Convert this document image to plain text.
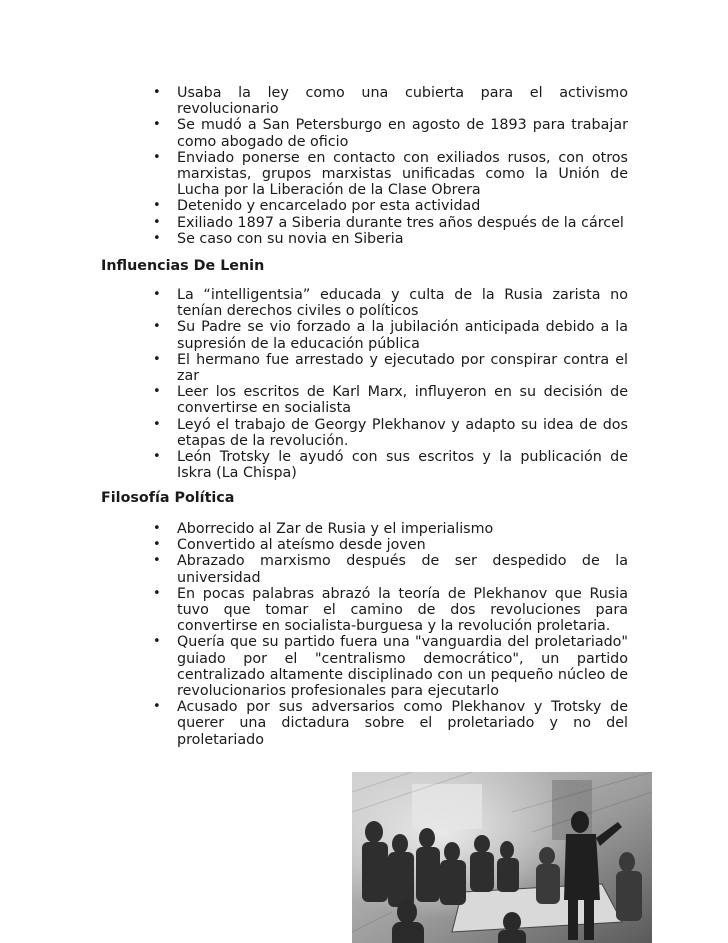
• Usaba la ley como una cubierta para el activismo revolucionario
• Se mudó a San Petersburgo en agosto de 1893 para trabajar como abogado de oficio
• Enviado ponerse en contacto con exiliados rusos, con otros marxistas, grupos marxistas unificadas como la Unión de Lucha por la Liberación de la Clase Obrera
• Detenido y encarcelado por esta actividad
• Exiliado 1897 a Siberia durante tres años después de la cárcel
• Se caso con su novia en Siberia
Influencias De Lenin
• La “intelligentsia” educada y culta de la Rusia zarista no tenían derechos civiles o políticos
• Su Padre se vio forzado a la jubilación anticipada debido a la supresión de la educación pública
• El hermano fue arrestado y ejecutado por conspirar contra el zar
• Leer los escritos de Karl Marx, influyeron en su decisión de convertirse en socialista
• Leyó el trabajo de Georgy Plekhanov y adapto su idea de dos etapas de la revolución.
• León Trotsky le ayudó con sus escritos y la publicación de Iskra (La Chispa)
Filosofía Política
• Aborrecido al Zar de Rusia y el imperialismo
• Convertido al ateísmo desde joven
• Abrazado marxismo después de ser despedido de la universidad
• En pocas palabras abrazó la teoría de Plekhanov que Rusia tuvo que tomar el camino de dos revoluciones para convertirse en socialista-burguesa y la revolución proletaria.
• Quería que su partido fuera una "vanguardia del proletariado" guiado por el "centralismo democrático", un partido centralizado altamente disciplinado con un pequeño núcleo de revolucionarios profesionales para ejecutarlo
• Acusado por sus adversarios como Plekhanov y Trotsky de querer una dictadura sobre el proletariado y no del proletariado
